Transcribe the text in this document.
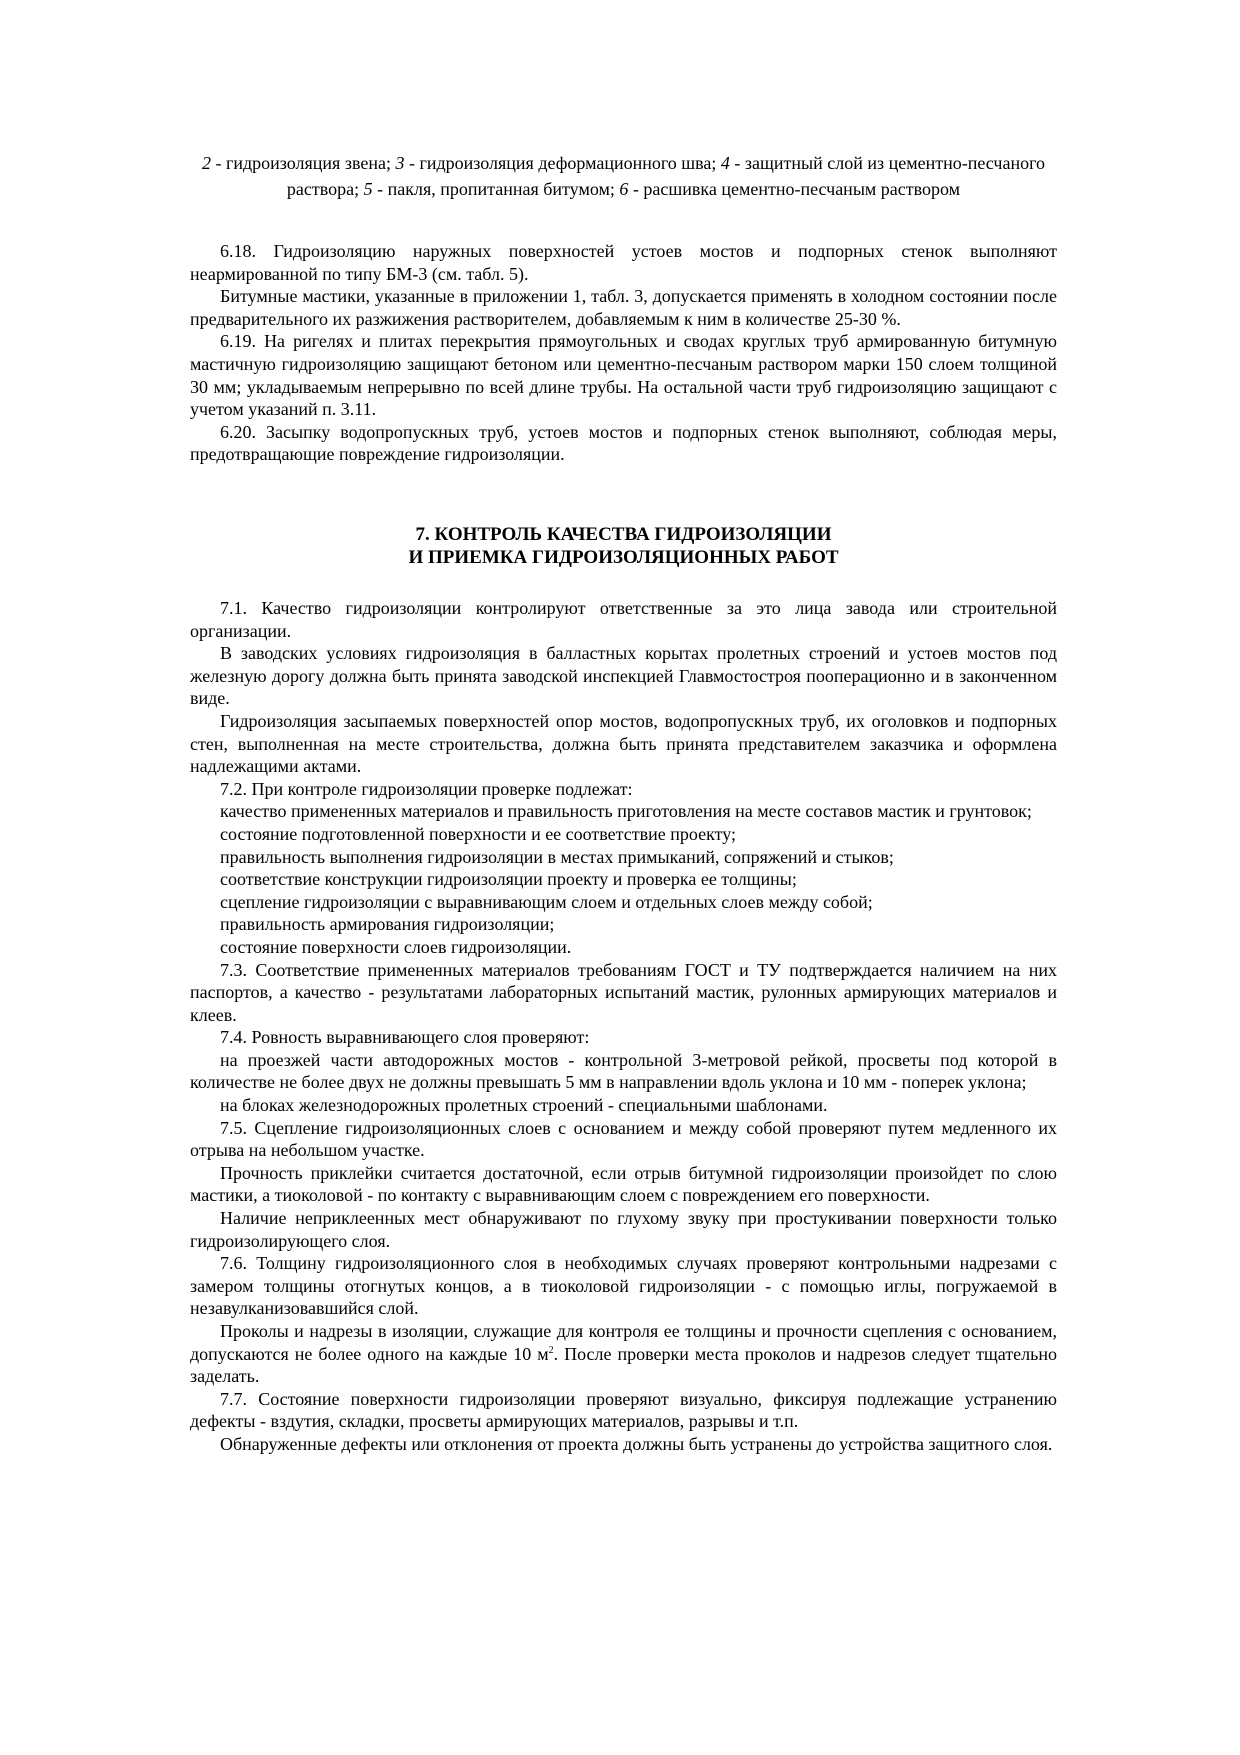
2 - гидроизоляция звена; 3 - гидроизоляция деформационного шва; 4 - защитный слой из цементно-песчаного раствора; 5 - пакля, пропитанная битумом; 6 - расшивка цементно-песчаным раствором

6.18. Гидроизоляцию наружных поверхностей устоев мостов и подпорных стенок выполняют неармированной по типу БМ-3 (см. табл. 5).

Битумные мастики, указанные в приложении 1, табл. 3, допускается применять в холодном состоянии после предварительного их разжижения растворителем, добавляемым к ним в количестве 25-30 %.

6.19. На ригелях и плитах перекрытия прямоугольных и сводах круглых труб армированную битумную мастичную гидроизоляцию защищают бетоном или цементно-песчаным раствором марки 150 слоем толщиной 30 мм; укладываемым непрерывно по всей длине трубы. На остальной части труб гидроизоляцию защищают с учетом указаний п. 3.11.

6.20. Засыпку водопропускных труб, устоев мостов и подпорных стенок выполняют, соблюдая меры, предотвращающие повреждение гидроизоляции.

7. КОНТРОЛЬ КАЧЕСТВА ГИДРОИЗОЛЯЦИИ
И ПРИЕМКА ГИДРОИЗОЛЯЦИОННЫХ РАБОТ

7.1. Качество гидроизоляции контролируют ответственные за это лица завода или строительной организации.

В заводских условиях гидроизоляция в балластных корытах пролетных строений и устоев мостов под железную дорогу должна быть принята заводской инспекцией Главмостостроя пооперационно и в законченном виде.

Гидроизоляция засыпаемых поверхностей опор мостов, водопропускных труб, их оголовков и подпорных стен, выполненная на месте строительства, должна быть принята представителем заказчика и оформлена надлежащими актами.

7.2. При контроле гидроизоляции проверке подлежат:

качество примененных материалов и правильность приготовления на месте составов мастик и грунтовок;

состояние подготовленной поверхности и ее соответствие проекту;

правильность выполнения гидроизоляции в местах примыканий, сопряжений и стыков;

соответствие конструкции гидроизоляции проекту и проверка ее толщины;

сцепление гидроизоляции с выравнивающим слоем и отдельных слоев между собой;

правильность армирования гидроизоляции;

состояние поверхности слоев гидроизоляции.

7.3. Соответствие примененных материалов требованиям ГОСТ и ТУ подтверждается наличием на них паспортов, а качество - результатами лабораторных испытаний мастик, рулонных армирующих материалов и клеев.

7.4. Ровность выравнивающего слоя проверяют:

на проезжей части автодорожных мостов - контрольной 3-метровой рейкой, просветы под которой в количестве не более двух не должны превышать 5 мм в направлении вдоль уклона и 10 мм - поперек уклона;

на блоках железнодорожных пролетных строений - специальными шаблонами.

7.5. Сцепление гидроизоляционных слоев с основанием и между собой проверяют путем медленного их отрыва на небольшом участке.

Прочность приклейки считается достаточной, если отрыв битумной гидроизоляции произойдет по слою мастики, а тиоколовой - по контакту с выравнивающим слоем с повреждением его поверхности.

Наличие неприклеенных мест обнаруживают по глухому звуку при простукивании поверхности только гидроизолирующего слоя.

7.6. Толщину гидроизоляционного слоя в необходимых случаях проверяют контрольными надрезами с замером толщины отогнутых концов, а в тиоколовой гидроизоляции - с помощью иглы, погружаемой в незавулканизовавшийся слой.

Проколы и надрезы в изоляции, служащие для контроля ее толщины и прочности сцепления с основанием, допускаются не более одного на каждые 10 $м^2$. После проверки места проколов и надрезов следует тщательно заделать.

7.7. Состояние поверхности гидроизоляции проверяют визуально, фиксируя подлежащие устранению дефекты - вздутия, складки, просветы армирующих материалов, разрывы и т.п.

Обнаруженные дефекты или отклонения от проекта должны быть устранены до устройства защитного слоя.
